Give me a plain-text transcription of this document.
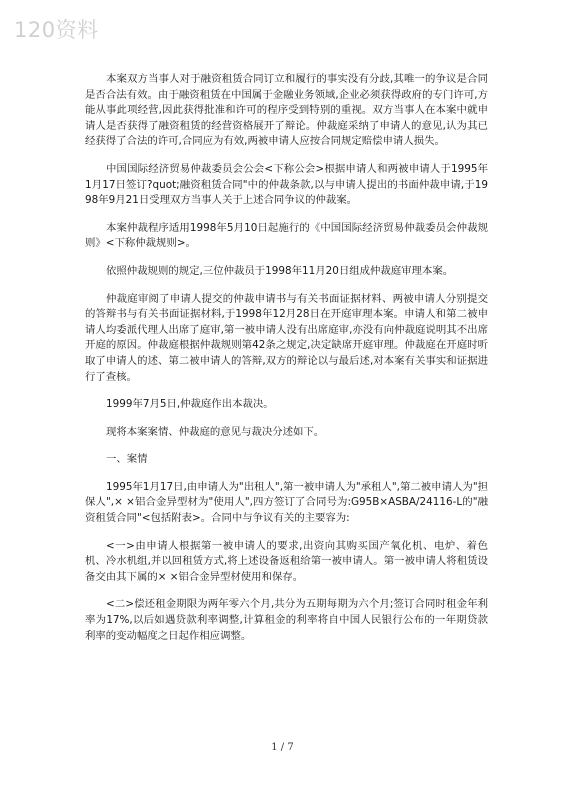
120资料

本案双方当事人对于融资租赁合同订立和履行的事实没有分歧,其唯一的争议是合同是否合法有效。由于融资租赁在中国属于金融业务领域,企业必须获得政府的专门许可,方能从事此项经营,因此获得批准和许可的程序受到特别的重视。双方当事人在本案中就申请人是否获得了融资租赁的经营资格展开了辩论。仲裁庭采纳了申请人的意见,认为其已经获得了合法的许可,合同应为有效,两被申请人应按合同规定赔偿申请人损失。

中国国际经济贸易仲裁委员会公会<下称公会>根据申请人和两被申请人于1995年1月17日签订?quot;融资租赁合同"中的仲裁条款,以与申请人提出的书面仲裁申请,于1998年9月21日受理双方当事人关于上述合同争议的仲裁案。

本案仲裁程序适用1998年5月10日起施行的《中国国际经济贸易仲裁委员会仲裁规则》<下称仲裁规则>。

依照仲裁规则的规定,三位仲裁员于1998年11月20日组成仲裁庭审理本案。

仲裁庭审阅了申请人提交的仲裁申请书与有关书面证据材料、两被申请人分别提交的答辩书与有关书面证据材料,于1998年12月28日在开庭审理本案。申请人和第二被申请人均委派代理人出席了庭审,第一被申请人没有出席庭审,亦没有向仲裁庭说明其不出席开庭的原因。仲裁庭根据仲裁规则第42条之规定,决定缺席开庭审理。仲裁庭在开庭时听取了申请人的述、第二被申请人的答辩,双方的辩论以与最后述,对本案有关事实和证据进行了查核。

1999年7月5日,仲裁庭作出本裁决。

现将本案案情、仲裁庭的意见与裁决分述如下。

一、案情

1995年1月17日,由申请人为"出租人",第一被申请人为"承租人",第二被申请人为"担保人",× ×铝合金异型材为"使用人",四方签订了合同号为:G95B×ASBA/24116-L的"融资租赁合同"<包括附表>。合同中与争议有关的主要容为:

<一>由申请人根据第一被申请人的要求,出资向其购买国产氧化机、电炉、着色机、冷水机组,并以回租赁方式,将上述设备返租给第一被申请人。第一被申请人将租赁设备交由其下属的× ×铝合金异型材使用和保存。

<二>偿还租金期限为两年零六个月,共分为五期每期为六个月;签订合同时租金年利率为17%,以后如遇贷款利率调整,计算租金的利率将自中国人民银行公布的一年期贷款利率的变动幅度之日起作相应调整。

1 / 7
